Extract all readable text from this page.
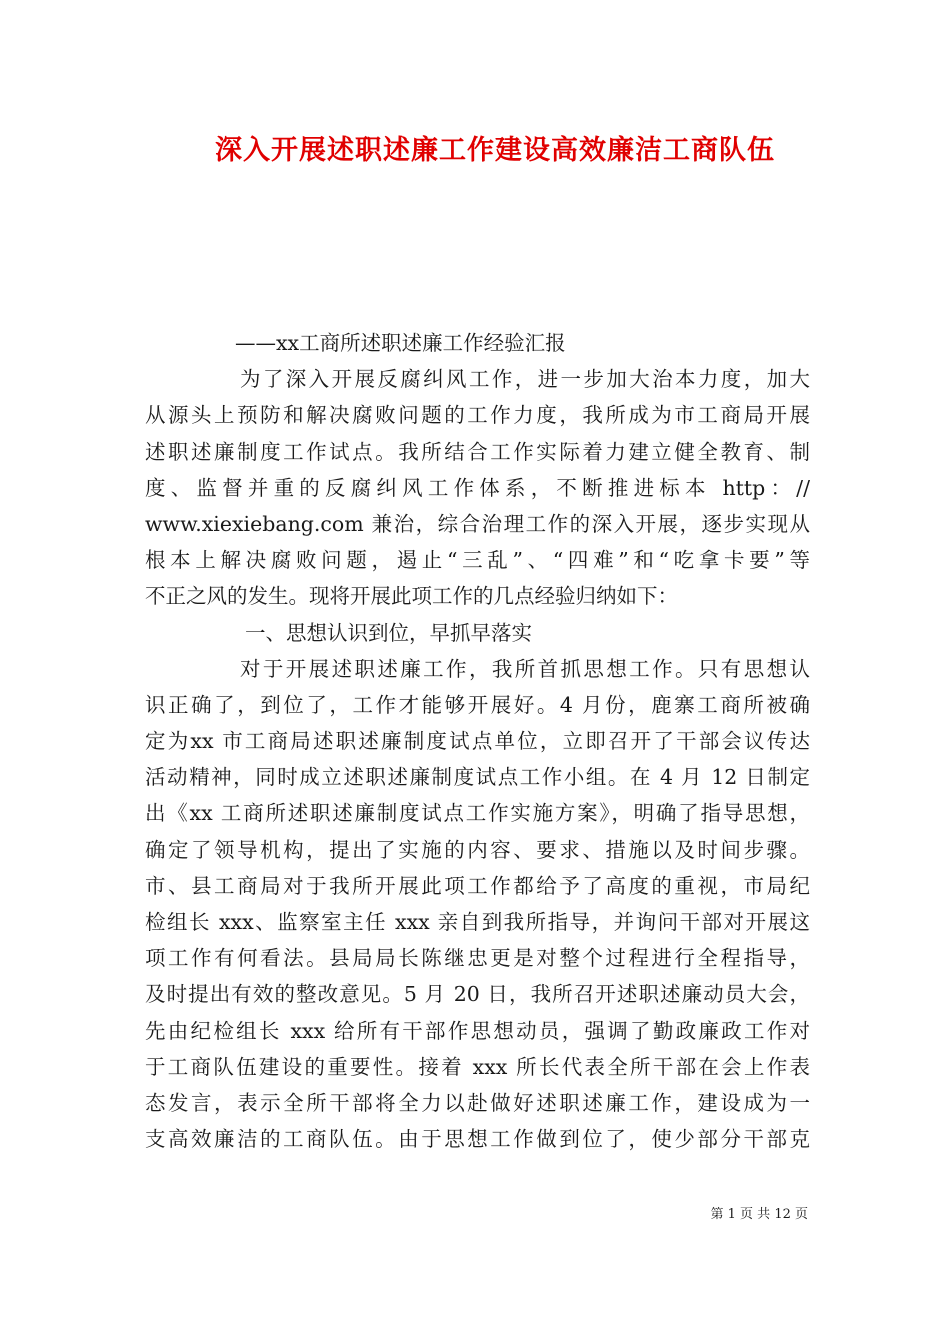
深入开展述职述廉工作建设高效廉洁工商队伍
——xx工商所述职述廉工作经验汇报
为了深入开展反腐纠风工作，进一步加大治本力度，加大
从源头上预防和解决腐败问题的工作力度，我所成为市工商局开展
述职述廉制度工作试点。我所结合工作实际着力建立健全教育、制
度、监督并重的反腐纠风工作体系，不断推进标本 http：//
www.xiexiebang.com 兼治，综合治理工作的深入开展，逐步实现从
根本上解决腐败问题，遏止“三乱”、“四难”和“吃拿卡要”等
不正之风的发生。现将开展此项工作的几点经验归纳如下：
一、思想认识到位，早抓早落实
对于开展述职述廉工作，我所首抓思想工作。只有思想认
识正确了，到位了，工作才能够开展好。4 月份，鹿寨工商所被确
定为xx 市工商局述职述廉制度试点单位，立即召开了干部会议传达
活动精神，同时成立述职述廉制度试点工作小组。在 4 月 12 日制定
出《xx 工商所述职述廉制度试点工作实施方案》，明确了指导思想，
确定了领导机构，提出了实施的内容、要求、措施以及时间步骤。
市、县工商局对于我所开展此项工作都给予了高度的重视，市局纪
检组长 xxx、监察室主任 xxx 亲自到我所指导，并询问干部对开展这
项工作有何看法。县局局长陈继忠更是对整个过程进行全程指导，
及时提出有效的整改意见。5 月 20 日，我所召开述职述廉动员大会，
先由纪检组长 xxx 给所有干部作思想动员，强调了勤政廉政工作对
于工商队伍建设的重要性。接着 xxx 所长代表全所干部在会上作表
态发言，表示全所干部将全力以赴做好述职述廉工作，建设成为一
支高效廉洁的工商队伍。由于思想工作做到位了，使少部分干部克
第 1 页 共 12 页
